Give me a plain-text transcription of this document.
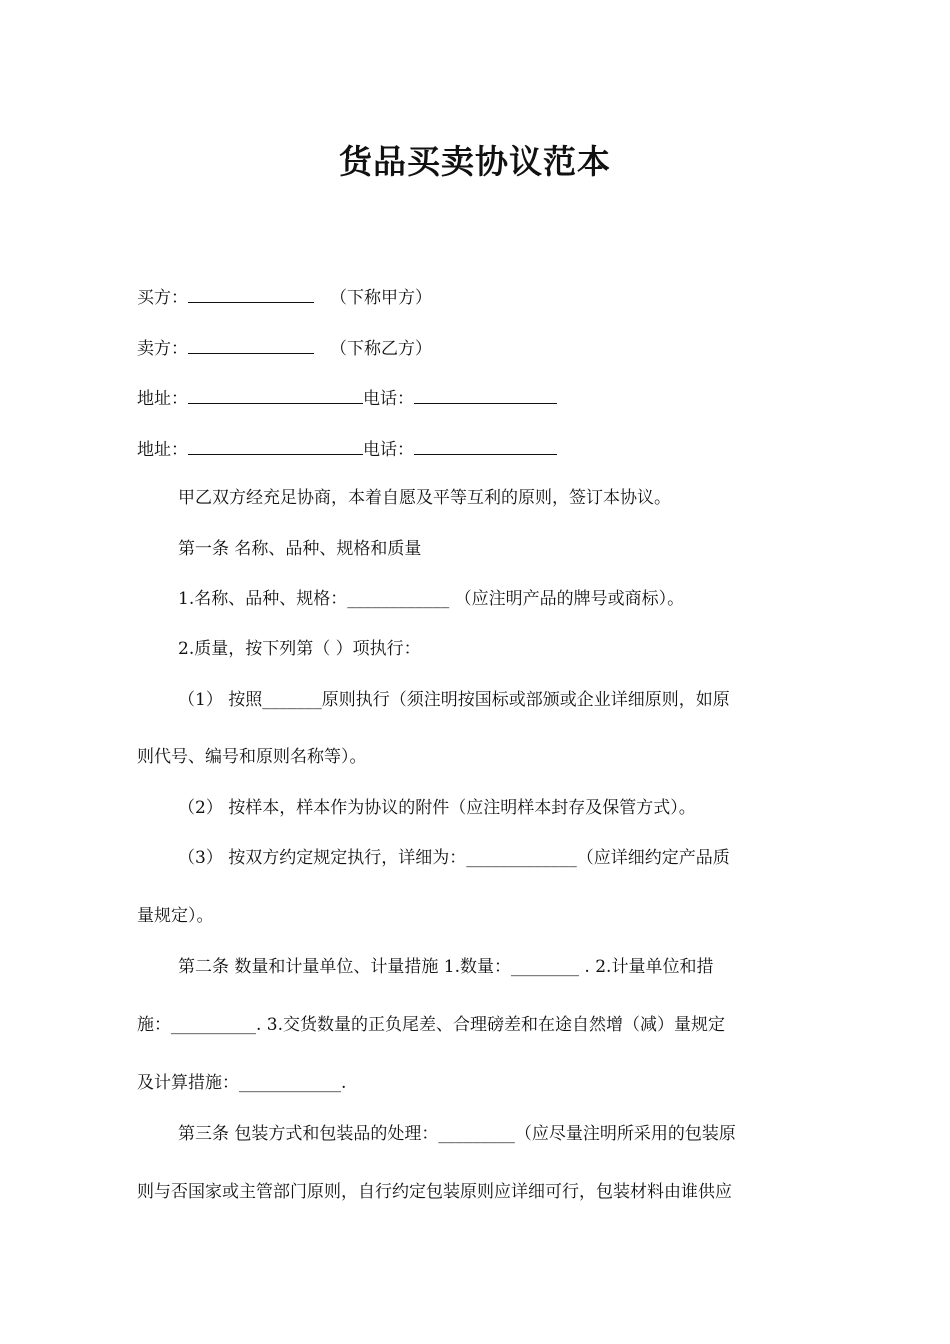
货品买卖协议范本
买方：	（下称甲方）
卖方：	（下称乙方）
地址：	电话：
地址：	电话：
甲乙双方经充足协商，本着自愿及平等互利的原则，签订本协议。
第一条 名称、品种、规格和质量
1.名称、品种、规格：____________ （应注明产品的牌号或商标）。
2.质量，按下列第（ ）项执行：
（1） 按照_______原则执行（须注明按国标或部颁或企业详细原则，如原
则代号、编号和原则名称等）。
（2） 按样本，样本作为协议的附件（应注明样本封存及保管方式）。
（3） 按双方约定规定执行，详细为：_____________（应详细约定产品质
量规定）。
第二条 数量和计量单位、计量措施 1.数量：________ . 2.计量单位和措
施：__________. 3.交货数量的正负尾差、合理磅差和在途自然增（减）量规定
及计算措施：____________.
第三条 包装方式和包装品的处理：_________（应尽量注明所采用的包装原
则与否国家或主管部门原则，自行约定包装原则应详细可行，包装材料由谁供应
